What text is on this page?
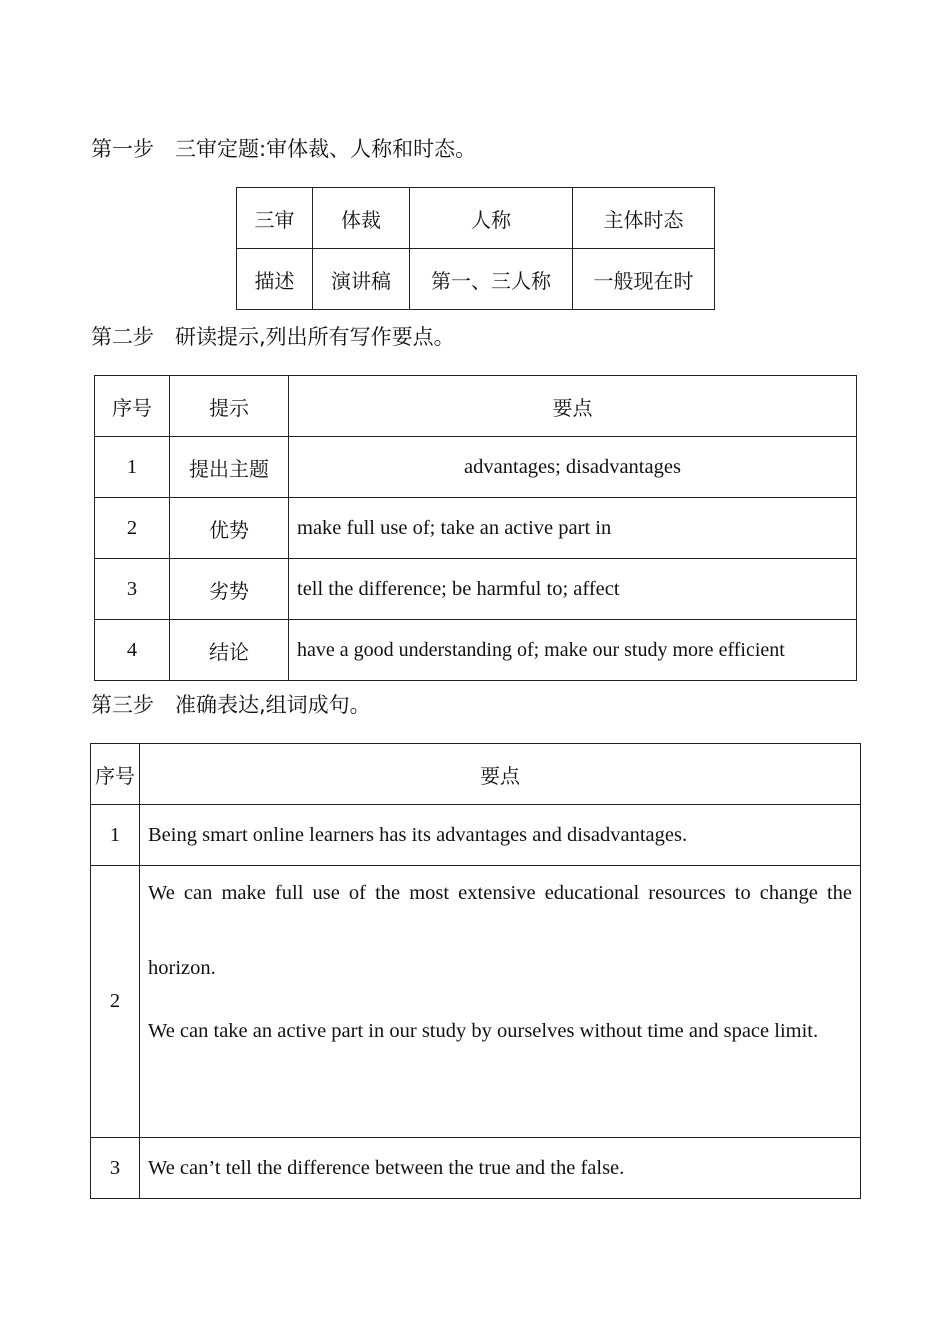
第一步　三审定题:审体裁、人称和时态。
三审	体裁	人称	主体时态
描述	演讲稿	第一、三人称	一般现在时
第二步　研读提示,列出所有写作要点。
序号	提示	要点
1	提出主题	advantages; disadvantages
2	优势	make full use of; take an active part in
3	劣势	tell the difference; be harmful to; affect
4	结论	have a good understanding of; make our study more efficient
第三步　准确表达,组词成句。
序号	要点
1	Being smart online learners has its advantages and disadvantages.
2	We can make full use of the most extensive educational resources to change the horizon.

We can take an active part in our study by ourselves without time and space limit.

3	We can’t tell the difference between the true and the false.
